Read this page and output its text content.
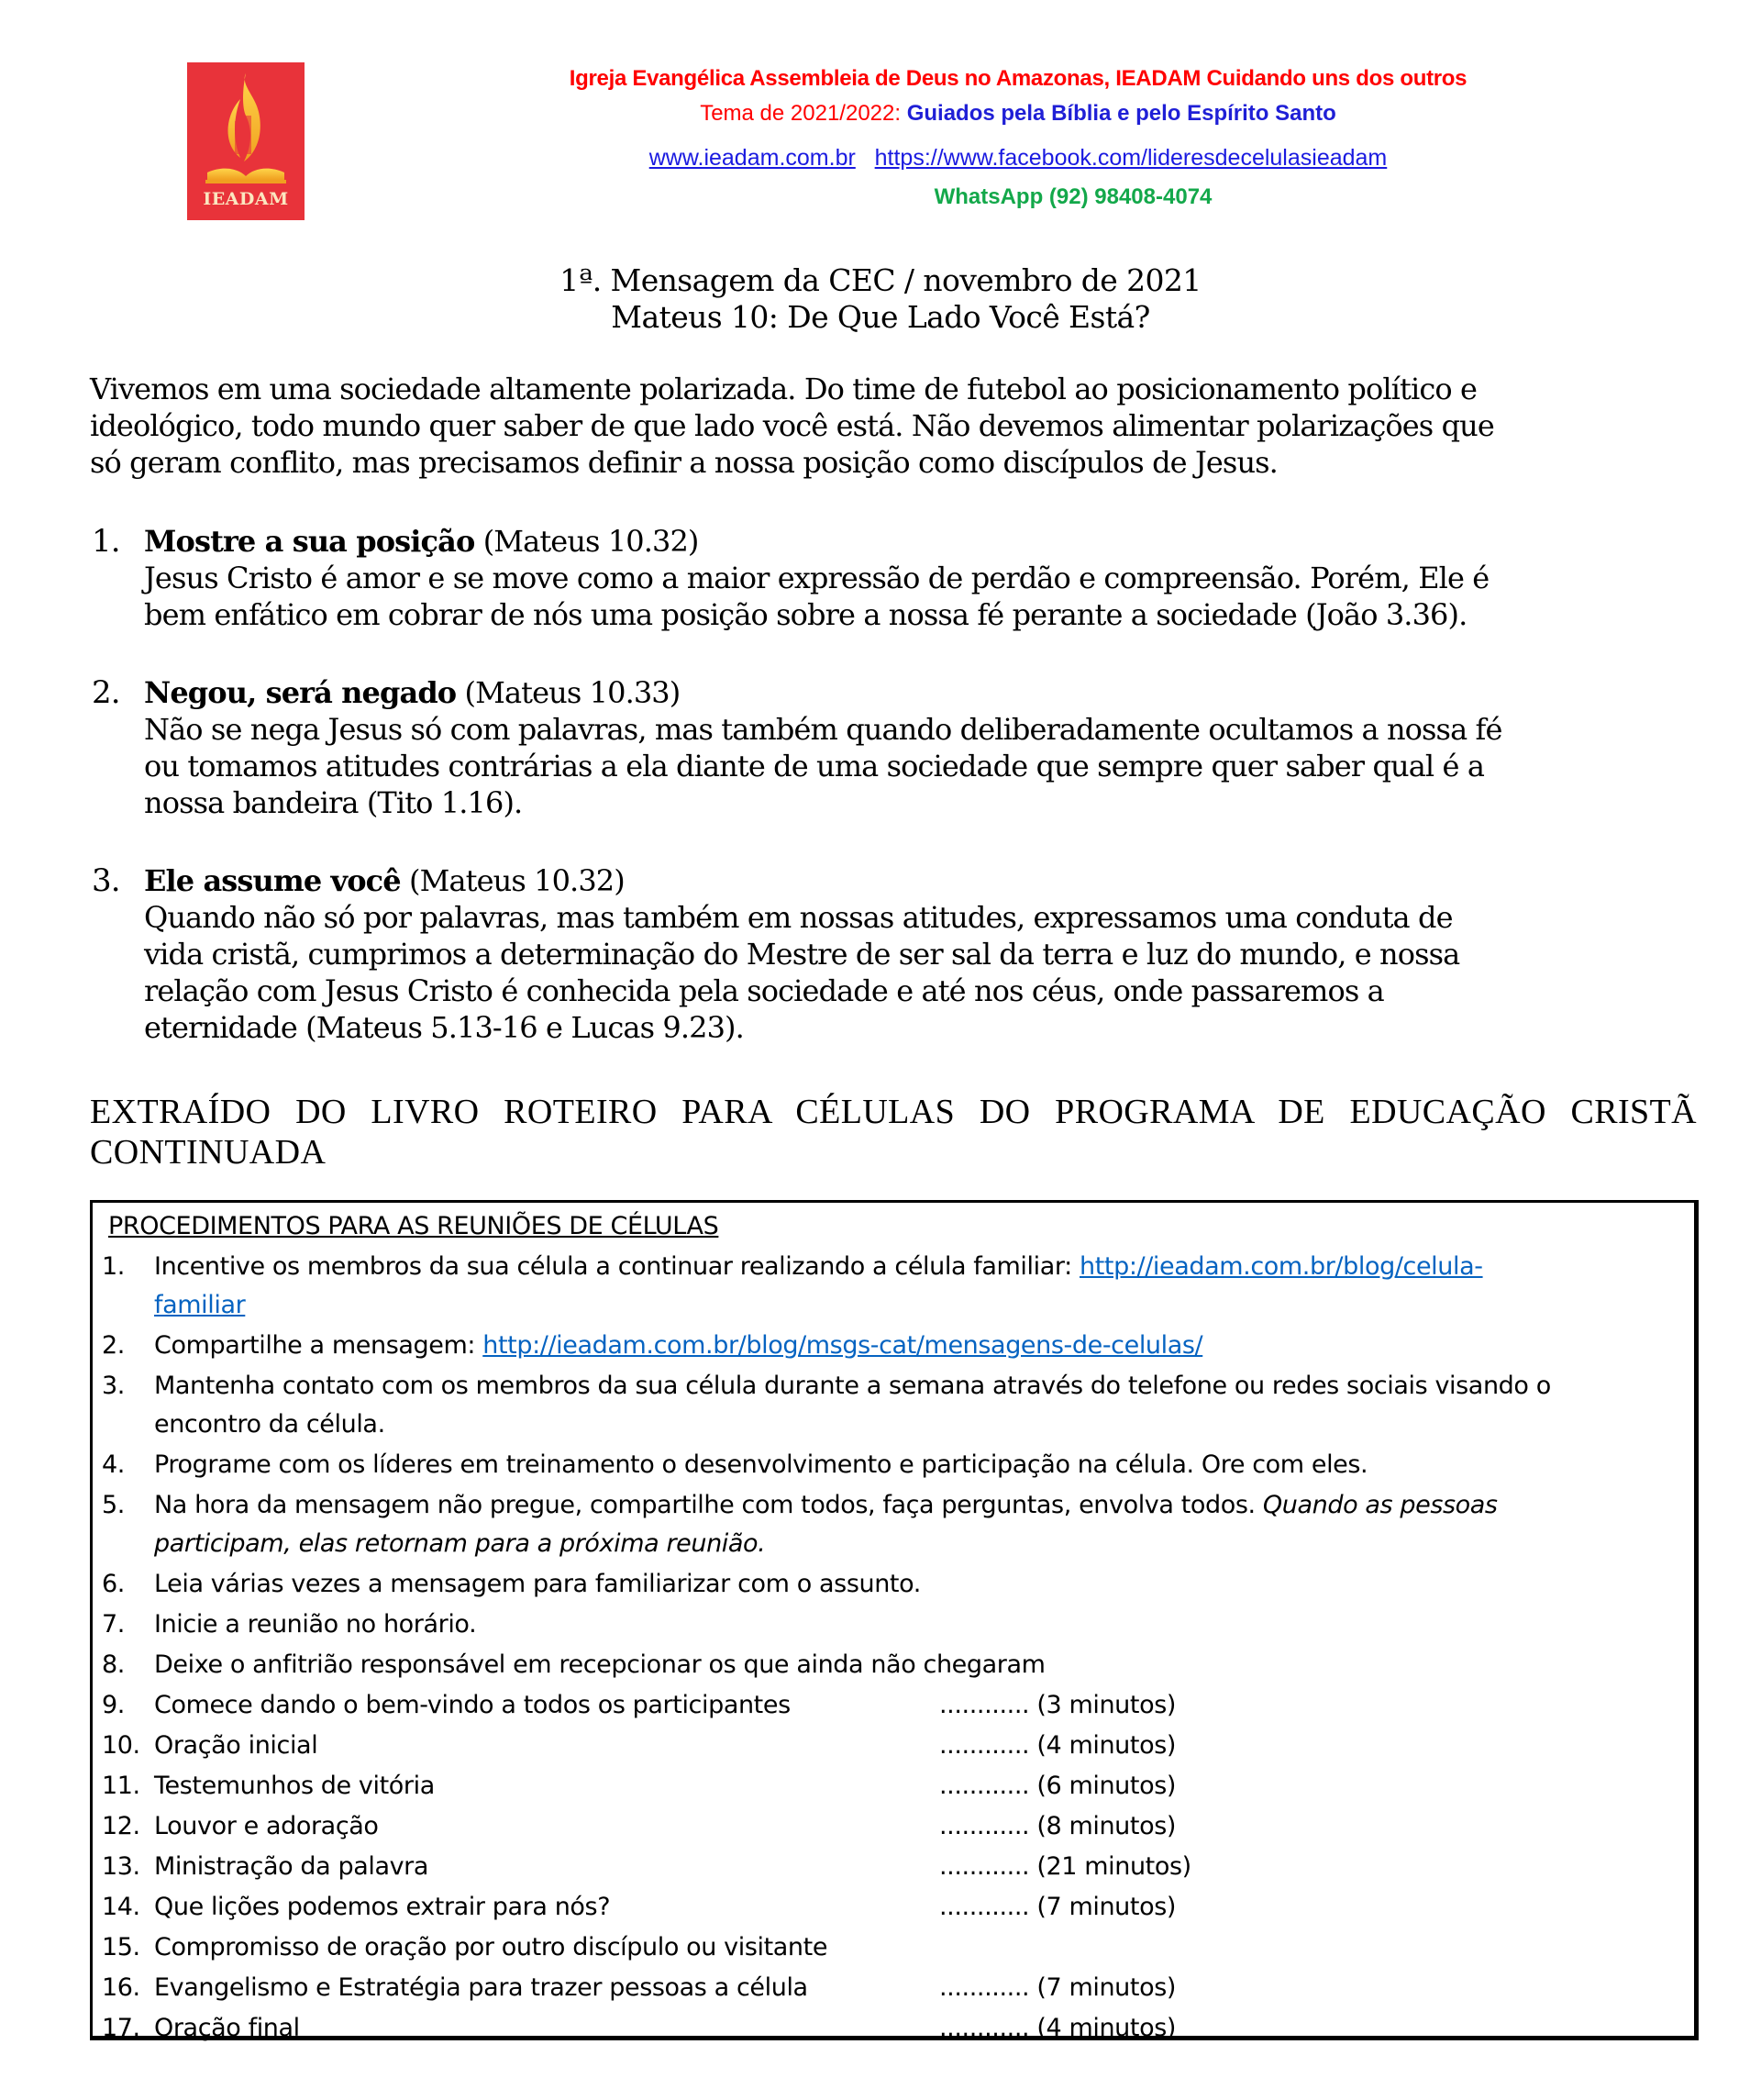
IEADAM
Igreja Evangélica Assembleia de Deus no Amazonas, IEADAM Cuidando uns dos outros
Tema de 2021/2022: Guiados pela Bíblia e pelo Espírito Santo
www.ieadam.com.br https://www.facebook.com/lideresdecelulasieadam
WhatsApp (92) 98408-4074
1ª. Mensagem da CEC / novembro de 2021
Mateus 10: De Que Lado Você Está?
Vivemos em uma sociedade altamente polarizada. Do time de futebol ao posicionamento político e
ideológico, todo mundo quer saber de que lado você está. Não devemos alimentar polarizações que
só geram conflito, mas precisamos definir a nossa posição como discípulos de Jesus.
1. Mostre a sua posição (Mateus 10.32)
Jesus Cristo é amor e se move como a maior expressão de perdão e compreensão. Porém, Ele é
bem enfático em cobrar de nós uma posição sobre a nossa fé perante a sociedade (João 3.36).
2. Negou, será negado (Mateus 10.33)
Não se nega Jesus só com palavras, mas também quando deliberadamente ocultamos a nossa fé
ou tomamos atitudes contrárias a ela diante de uma sociedade que sempre quer saber qual é a
nossa bandeira (Tito 1.16).
3. Ele assume você (Mateus 10.32)
Quando não só por palavras, mas também em nossas atitudes, expressamos uma conduta de
vida cristã, cumprimos a determinação do Mestre de ser sal da terra e luz do mundo, e nossa
relação com Jesus Cristo é conhecida pela sociedade e até nos céus, onde passaremos a
eternidade (Mateus 5.13-16 e Lucas 9.23).
EXTRAÍDO DO LIVRO ROTEIRO PARA CÉLULAS DO PROGRAMA DE EDUCAÇÃO CRISTÃ
CONTINUADA
PROCEDIMENTOS PARA AS REUNIÕES DE CÉLULAS
1. Incentive os membros da sua célula a continuar realizando a célula familiar: http://ieadam.com.br/blog/celula-
familiar
2. Compartilhe a mensagem: http://ieadam.com.br/blog/msgs-cat/mensagens-de-celulas/
3. Mantenha contato com os membros da sua célula durante a semana através do telefone ou redes sociais visando o
encontro da célula.
4. Programe com os líderes em treinamento o desenvolvimento e participação na célula. Ore com eles.
5. Na hora da mensagem não pregue, compartilhe com todos, faça perguntas, envolva todos. Quando as pessoas
participam, elas retornam para a próxima reunião.
6. Leia várias vezes a mensagem para familiarizar com o assunto.
7. Inicie a reunião no horário.
8. Deixe o anfitrião responsável em recepcionar os que ainda não chegaram
9. Comece dando o bem-vindo a todos os participantes	............ (3 minutos)
10. Oração inicial	............ (4 minutos)
11. Testemunhos de vitória	............ (6 minutos)
12. Louvor e adoração	............ (8 minutos)
13. Ministração da palavra	............ (21 minutos)
14. Que lições podemos extrair para nós?	............ (7 minutos)
15. Compromisso de oração por outro discípulo ou visitante
16. Evangelismo e Estratégia para trazer pessoas a célula	............ (7 minutos)
17. Oração final	............ (4 minutos)
